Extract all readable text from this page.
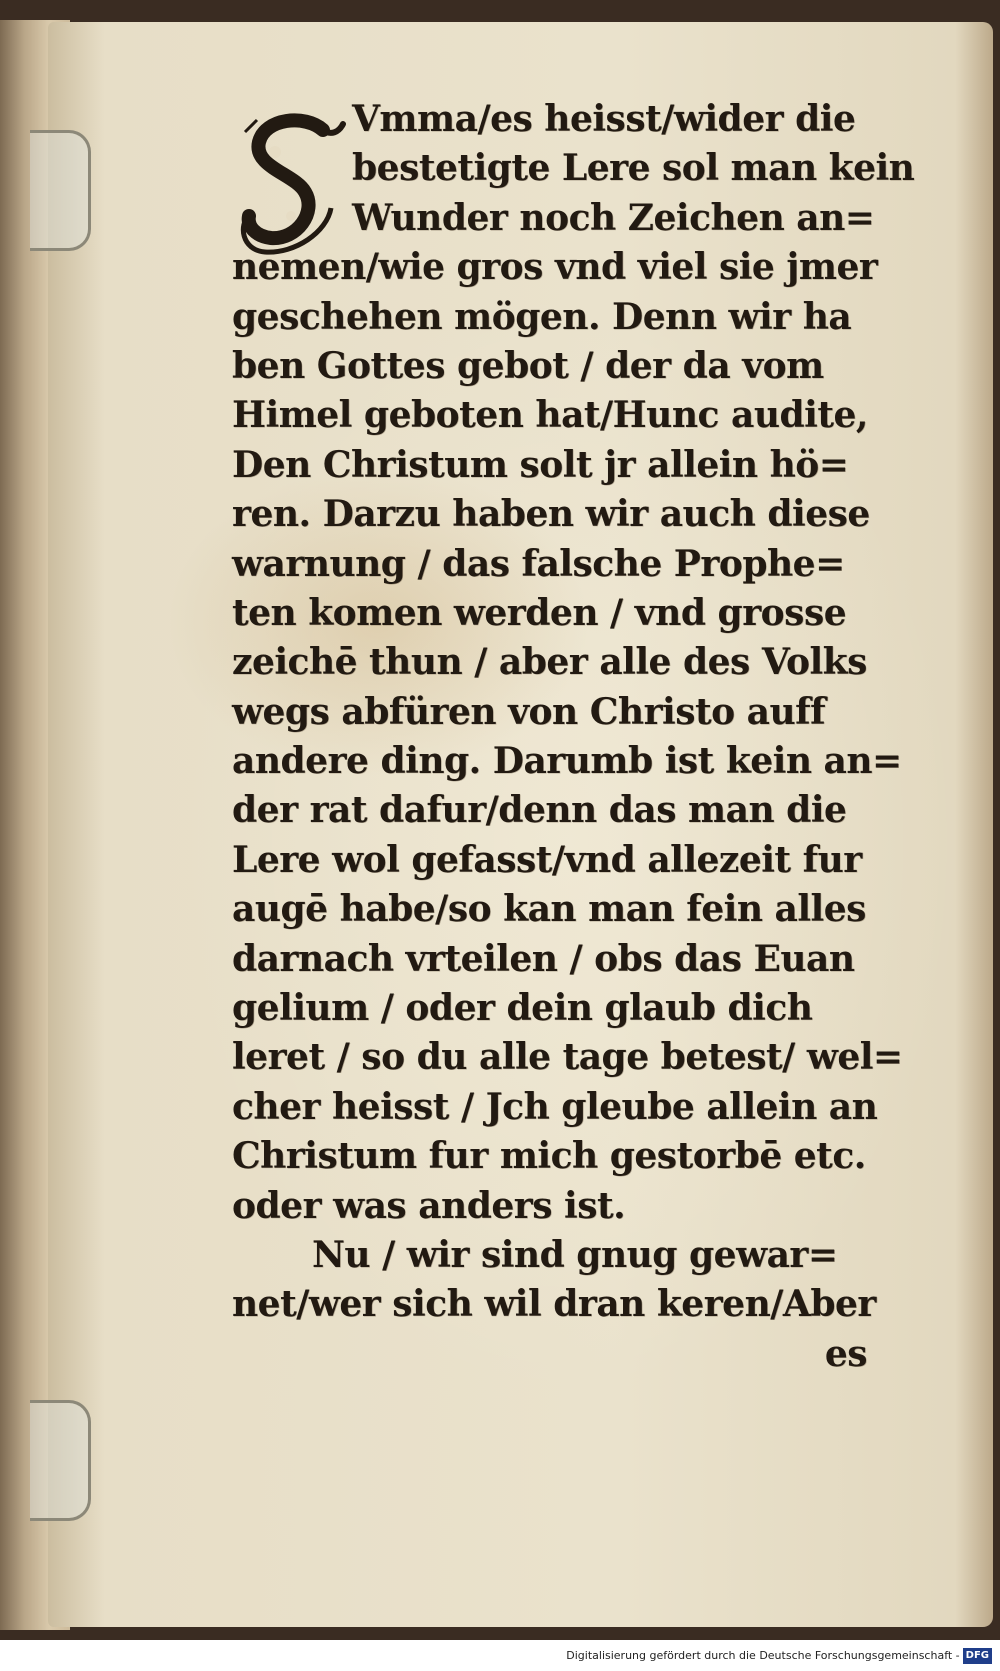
Vmma/es heisst/wider die
bestetigte Lere sol man kein
Wunder noch Zeichen an=
nemen/wie gros vnd viel sie jmer
geschehen mögen. Denn wir ha
ben Gottes gebot / der da vom
Himel geboten hat/Hunc audite,
Den Christum solt jr allein hö=
ren. Darzu haben wir auch diese
warnung / das falsche Prophe=
ten komen werden / vnd grosse
zeichē thun / aber alle des Volks
wegs abfüren von Christo auff
andere ding. Darumb ist kein an=
der rat dafur/denn das man die
Lere wol gefasst/vnd allezeit fur
augē habe/so kan man fein alles
darnach vrteilen / obs das Euan
gelium / oder dein glaub dich
leret / so du alle tage betest/ wel=
cher heisst / Jch gleube allein an
Christum fur mich gestorbē etc.
oder was anders ist.
Nu / wir sind gnug gewar=
net/wer sich wil dran keren/Aber
es
Digitalisierung gefördert durch die Deutsche Forschungsgemeinschaft - DFG
